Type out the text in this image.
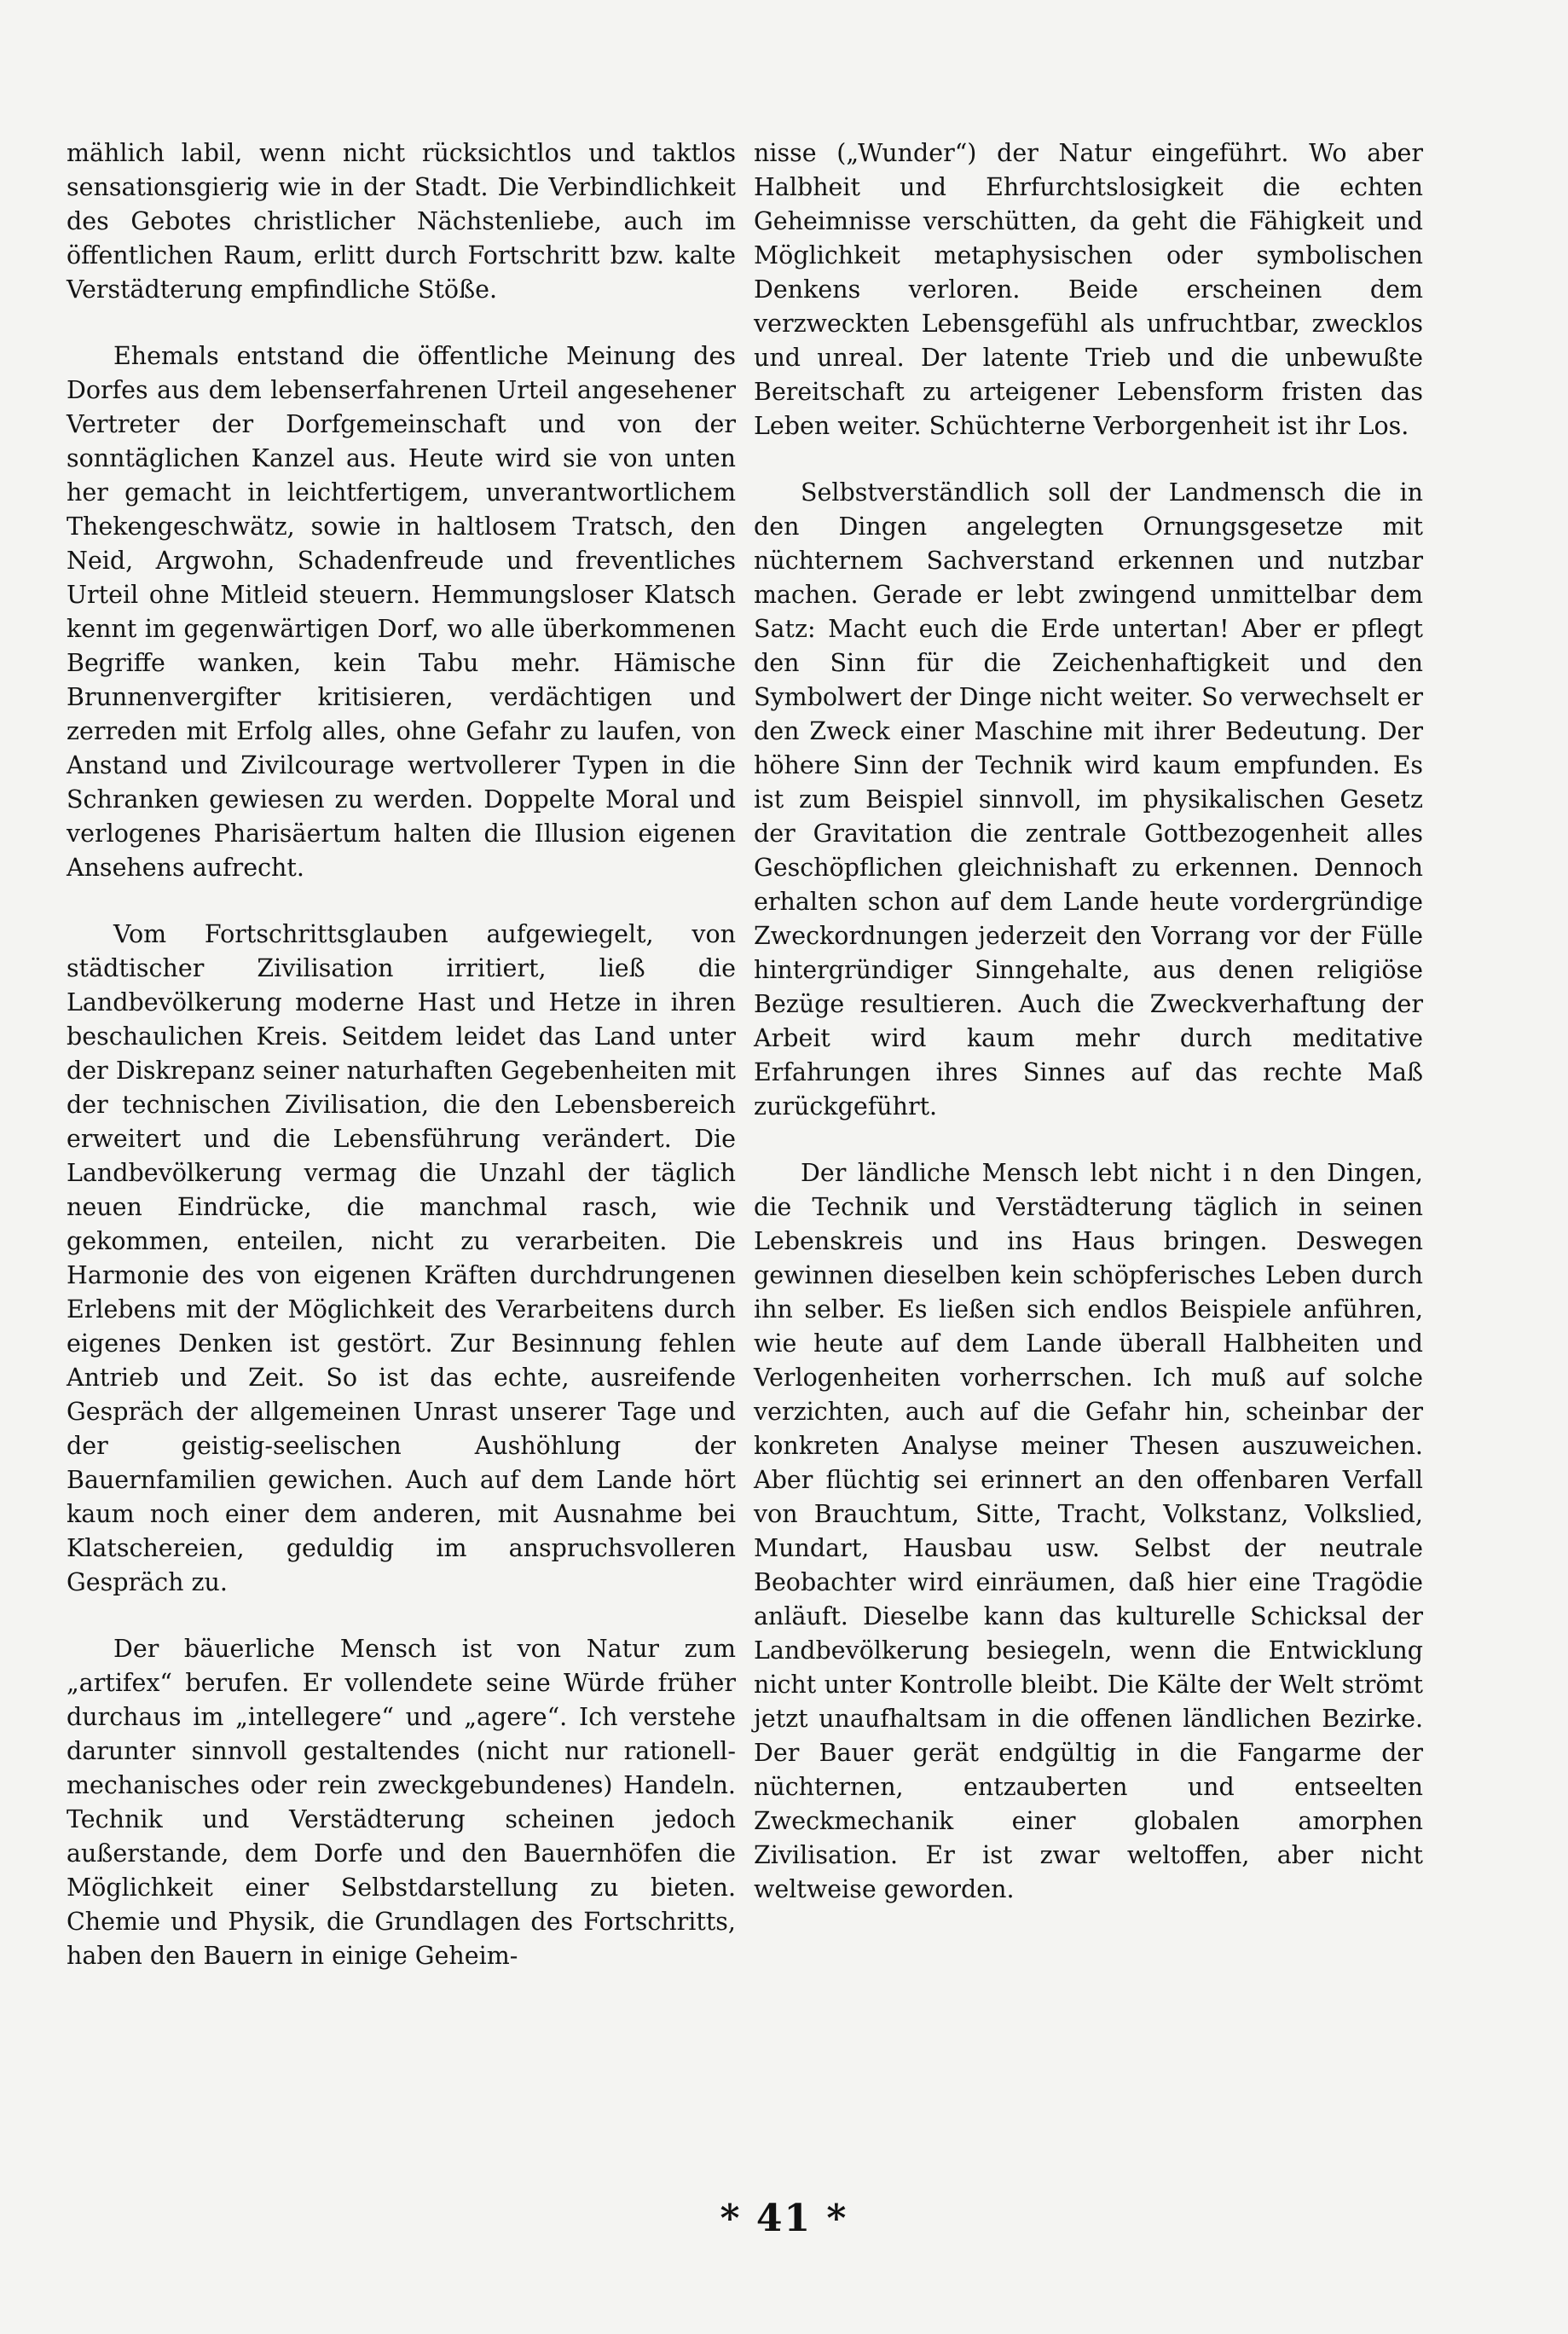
mählich labil, wenn nicht rücksichtlos und taktlos sensationsgierig wie in der Stadt. Die Verbindlichkeit des Gebotes christlicher Nächstenliebe, auch im öffentlichen Raum, erlitt durch Fortschritt bzw. kalte Verstädterung empfindliche Stöße.

Ehemals entstand die öffentliche Meinung des Dorfes aus dem lebenserfahrenen Urteil angesehener Vertreter der Dorfgemeinschaft und von der sonntäglichen Kanzel aus. Heute wird sie von unten her gemacht in leichtfertigem, unverantwortlichem Thekengeschwätz, sowie in haltlosem Tratsch, den Neid, Argwohn, Schadenfreude und freventliches Urteil ohne Mitleid steuern. Hemmungsloser Klatsch kennt im gegenwärtigen Dorf, wo alle überkommenen Begriffe wanken, kein Tabu mehr. Hämische Brunnenvergifter kritisieren, verdächtigen und zerreden mit Erfolg alles, ohne Gefahr zu laufen, von Anstand und Zivilcourage wertvollerer Typen in die Schranken gewiesen zu werden. Doppelte Moral und verlogenes Pharisäertum halten die Illusion eigenen Ansehens aufrecht.

Vom Fortschrittsglauben aufgewiegelt, von städtischer Zivilisation irritiert, ließ die Landbevölkerung moderne Hast und Hetze in ihren beschaulichen Kreis. Seitdem leidet das Land unter der Diskrepanz seiner naturhaften Gegebenheiten mit der technischen Zivilisation, die den Lebensbereich erweitert und die Lebensführung verändert. Die Landbevölkerung vermag die Unzahl der täglich neuen Eindrücke, die manchmal rasch, wie gekommen, enteilen, nicht zu verarbeiten. Die Harmonie des von eigenen Kräften durchdrungenen Erlebens mit der Möglichkeit des Verarbeitens durch eigenes Denken ist gestört. Zur Besinnung fehlen Antrieb und Zeit. So ist das echte, ausreifende Gespräch der allgemeinen Unrast unserer Tage und der geistig-seelischen Aushöhlung der Bauernfamilien gewichen. Auch auf dem Lande hört kaum noch einer dem anderen, mit Ausnahme bei Klatschereien, geduldig im anspruchsvolleren Gespräch zu.

Der bäuerliche Mensch ist von Natur zum „artifex“ berufen. Er vollendete seine Würde früher durchaus im „intellegere“ und „agere“. Ich verstehe darunter sinnvoll gestaltendes (nicht nur rationell-mechanisches oder rein zweckgebundenes) Handeln. Technik und Verstädterung scheinen jedoch außerstande, dem Dorfe und den Bauernhöfen die Möglichkeit einer Selbstdarstellung zu bieten. Chemie und Physik, die Grundlagen des Fortschritts, haben den Bauern in einige Geheim-

nisse („Wunder“) der Natur eingeführt. Wo aber Halbheit und Ehrfurchtslosigkeit die echten Geheimnisse verschütten, da geht die Fähigkeit und Möglichkeit metaphysischen oder symbolischen Denkens verloren. Beide erscheinen dem verzweckten Lebensgefühl als unfruchtbar, zwecklos und unreal. Der latente Trieb und die unbewußte Bereitschaft zu arteigener Lebensform fristen das Leben weiter. Schüchterne Verborgenheit ist ihr Los.

Selbstverständlich soll der Landmensch die in den Dingen angelegten Ornungsgesetze mit nüchternem Sachverstand erkennen und nutzbar machen. Gerade er lebt zwingend unmittelbar dem Satz: Macht euch die Erde untertan! Aber er pflegt den Sinn für die Zeichenhaftigkeit und den Symbolwert der Dinge nicht weiter. So verwechselt er den Zweck einer Maschine mit ihrer Bedeutung. Der höhere Sinn der Technik wird kaum empfunden. Es ist zum Beispiel sinnvoll, im physikalischen Gesetz der Gravitation die zentrale Gottbezogenheit alles Geschöpflichen gleichnishaft zu erkennen. Dennoch erhalten schon auf dem Lande heute vordergründige Zweckordnungen jederzeit den Vorrang vor der Fülle hintergründiger Sinngehalte, aus denen religiöse Bezüge resultieren. Auch die Zweckverhaftung der Arbeit wird kaum mehr durch meditative Erfahrungen ihres Sinnes auf das rechte Maß zurückgeführt.

Der ländliche Mensch lebt nicht i n den Dingen, die Technik und Verstädterung täglich in seinen Lebenskreis und ins Haus bringen. Deswegen gewinnen dieselben kein schöpferisches Leben durch ihn selber. Es ließen sich endlos Beispiele anführen, wie heute auf dem Lande überall Halbheiten und Verlogenheiten vorherrschen. Ich muß auf solche verzichten, auch auf die Gefahr hin, scheinbar der konkreten Analyse meiner Thesen auszuweichen. Aber flüchtig sei erinnert an den offenbaren Verfall von Brauchtum, Sitte, Tracht, Volkstanz, Volkslied, Mundart, Hausbau usw. Selbst der neutrale Beobachter wird einräumen, daß hier eine Tragödie anläuft. Dieselbe kann das kulturelle Schicksal der Landbevölkerung besiegeln, wenn die Entwicklung nicht unter Kontrolle bleibt. Die Kälte der Welt strömt jetzt unaufhaltsam in die offenen ländlichen Bezirke. Der Bauer gerät endgültig in die Fangarme der nüchternen, entzauberten und entseelten Zweckmechanik einer globalen amorphen Zivilisation. Er ist zwar weltoffen, aber nicht weltweise geworden.

* 41 *
